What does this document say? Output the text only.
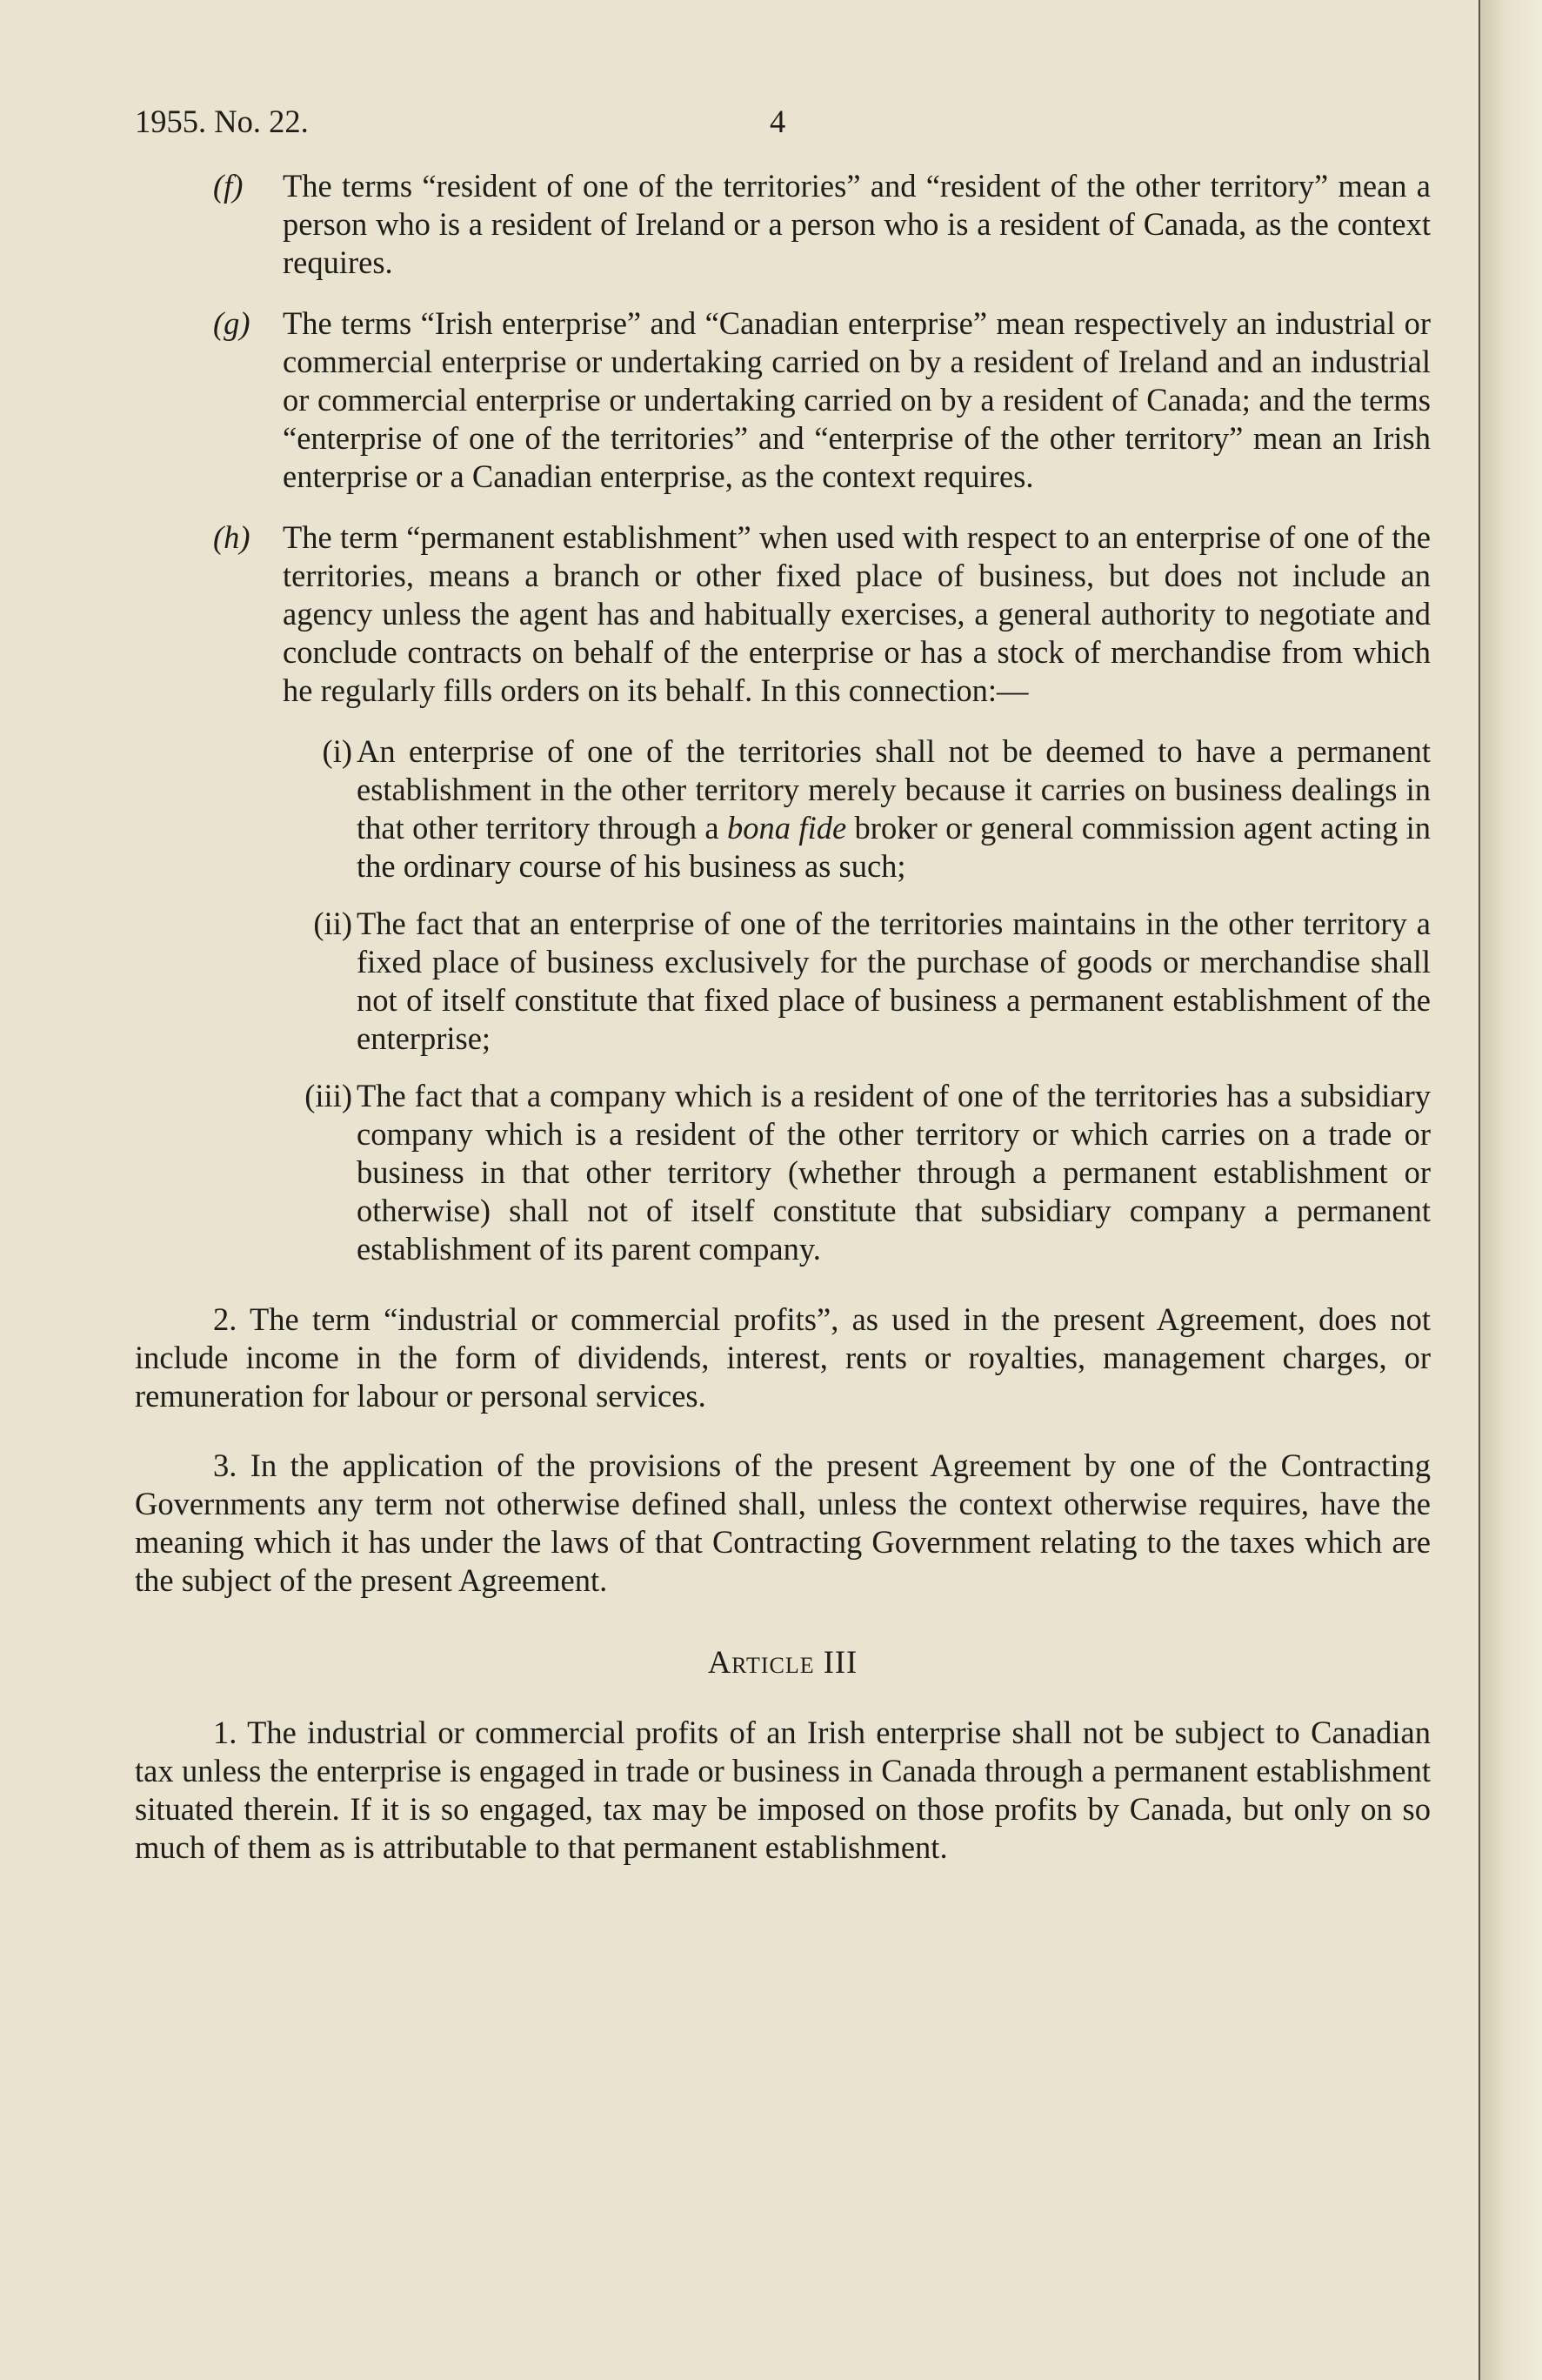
1955. No. 22.	4
(f) The terms “resident of one of the territories” and “resident of the other territory” mean a person who is a resident of Ireland or a person who is a resident of Canada, as the context requires.
(g) The terms “Irish enterprise” and “Canadian enterprise” mean respectively an industrial or commercial enterprise or undertaking carried on by a resident of Ireland and an industrial or commercial enterprise or undertaking carried on by a resident of Canada; and the terms “enterprise of one of the territories” and “enterprise of the other territory” mean an Irish enterprise or a Canadian enterprise, as the context requires.
(h) The term “permanent establishment” when used with respect to an enterprise of one of the territories, means a branch or other fixed place of business, but does not include an agency unless the agent has and habitually exercises, a general authority to negotiate and conclude contracts on behalf of the enterprise or has a stock of merchandise from which he regularly fills orders on its behalf. In this connection:—
(i) An enterprise of one of the territories shall not be deemed to have a permanent establishment in the other territory merely because it carries on business dealings in that other territory through a bona fide broker or general commission agent acting in the ordinary course of his business as such;
(ii) The fact that an enterprise of one of the territories maintains in the other territory a fixed place of business exclusively for the purchase of goods or merchandise shall not of itself constitute that fixed place of business a permanent establishment of the enterprise;
(iii) The fact that a company which is a resident of one of the territories has a subsidiary company which is a resident of the other territory or which carries on a trade or business in that other territory (whether through a permanent establishment or otherwise) shall not of itself constitute that subsidiary company a permanent establishment of its parent company.

2. The term “industrial or commercial profits”, as used in the present Agreement, does not include income in the form of dividends, interest, rents or royalties, management charges, or remuneration for labour or personal services.

3. In the application of the provisions of the present Agreement by one of the Contracting Governments any term not otherwise defined shall, unless the context otherwise requires, have the meaning which it has under the laws of that Contracting Government relating to the taxes which are the subject of the present Agreement.

Article III

1. The industrial or commercial profits of an Irish enterprise shall not be subject to Canadian tax unless the enterprise is engaged in trade or business in Canada through a permanent establishment situated therein. If it is so engaged, tax may be imposed on those profits by Canada, but only on so much of them as is attributable to that permanent establishment.
